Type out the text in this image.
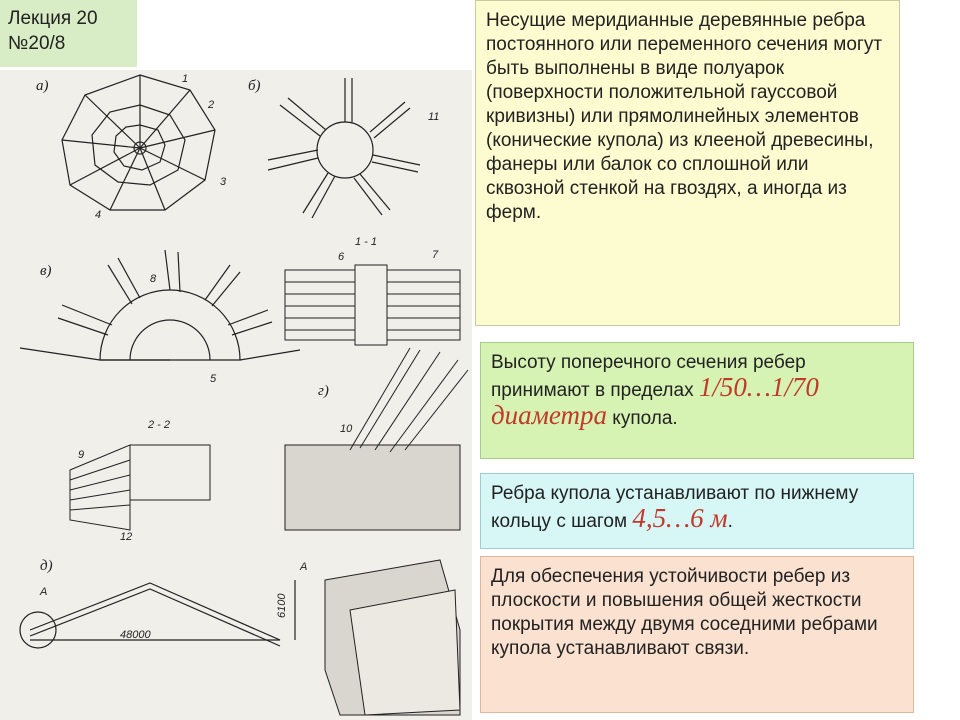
Лекция 20
№20/8
а)	б)
в)
г)
д)
1 - 1
2 - 2
1
2
3
4
5
6	7
8
9
10
11
12
А
А
48000
6100
Несущие меридианные деревянные ребра постоянного или переменного сечения могут быть выполнены в виде полуарок (поверхности положительной гауссовой кривизны) или прямолинейных элементов (конические купола) из клееной древесины, фанеры или балок со сплошной или сквозной стенкой на гвоздях, а иногда из ферм.
Высоту поперечного сечения ребер принимают в пределах 1/50…1/70 диаметра купола.
Ребра купола устанавливают по нижнему кольцу с шагом 4,5…6 м.
Для обеспечения устойчивости ребер из плоскости и повышения общей жесткости покрытия между двумя соседними ребрами купола устанавливают связи.
